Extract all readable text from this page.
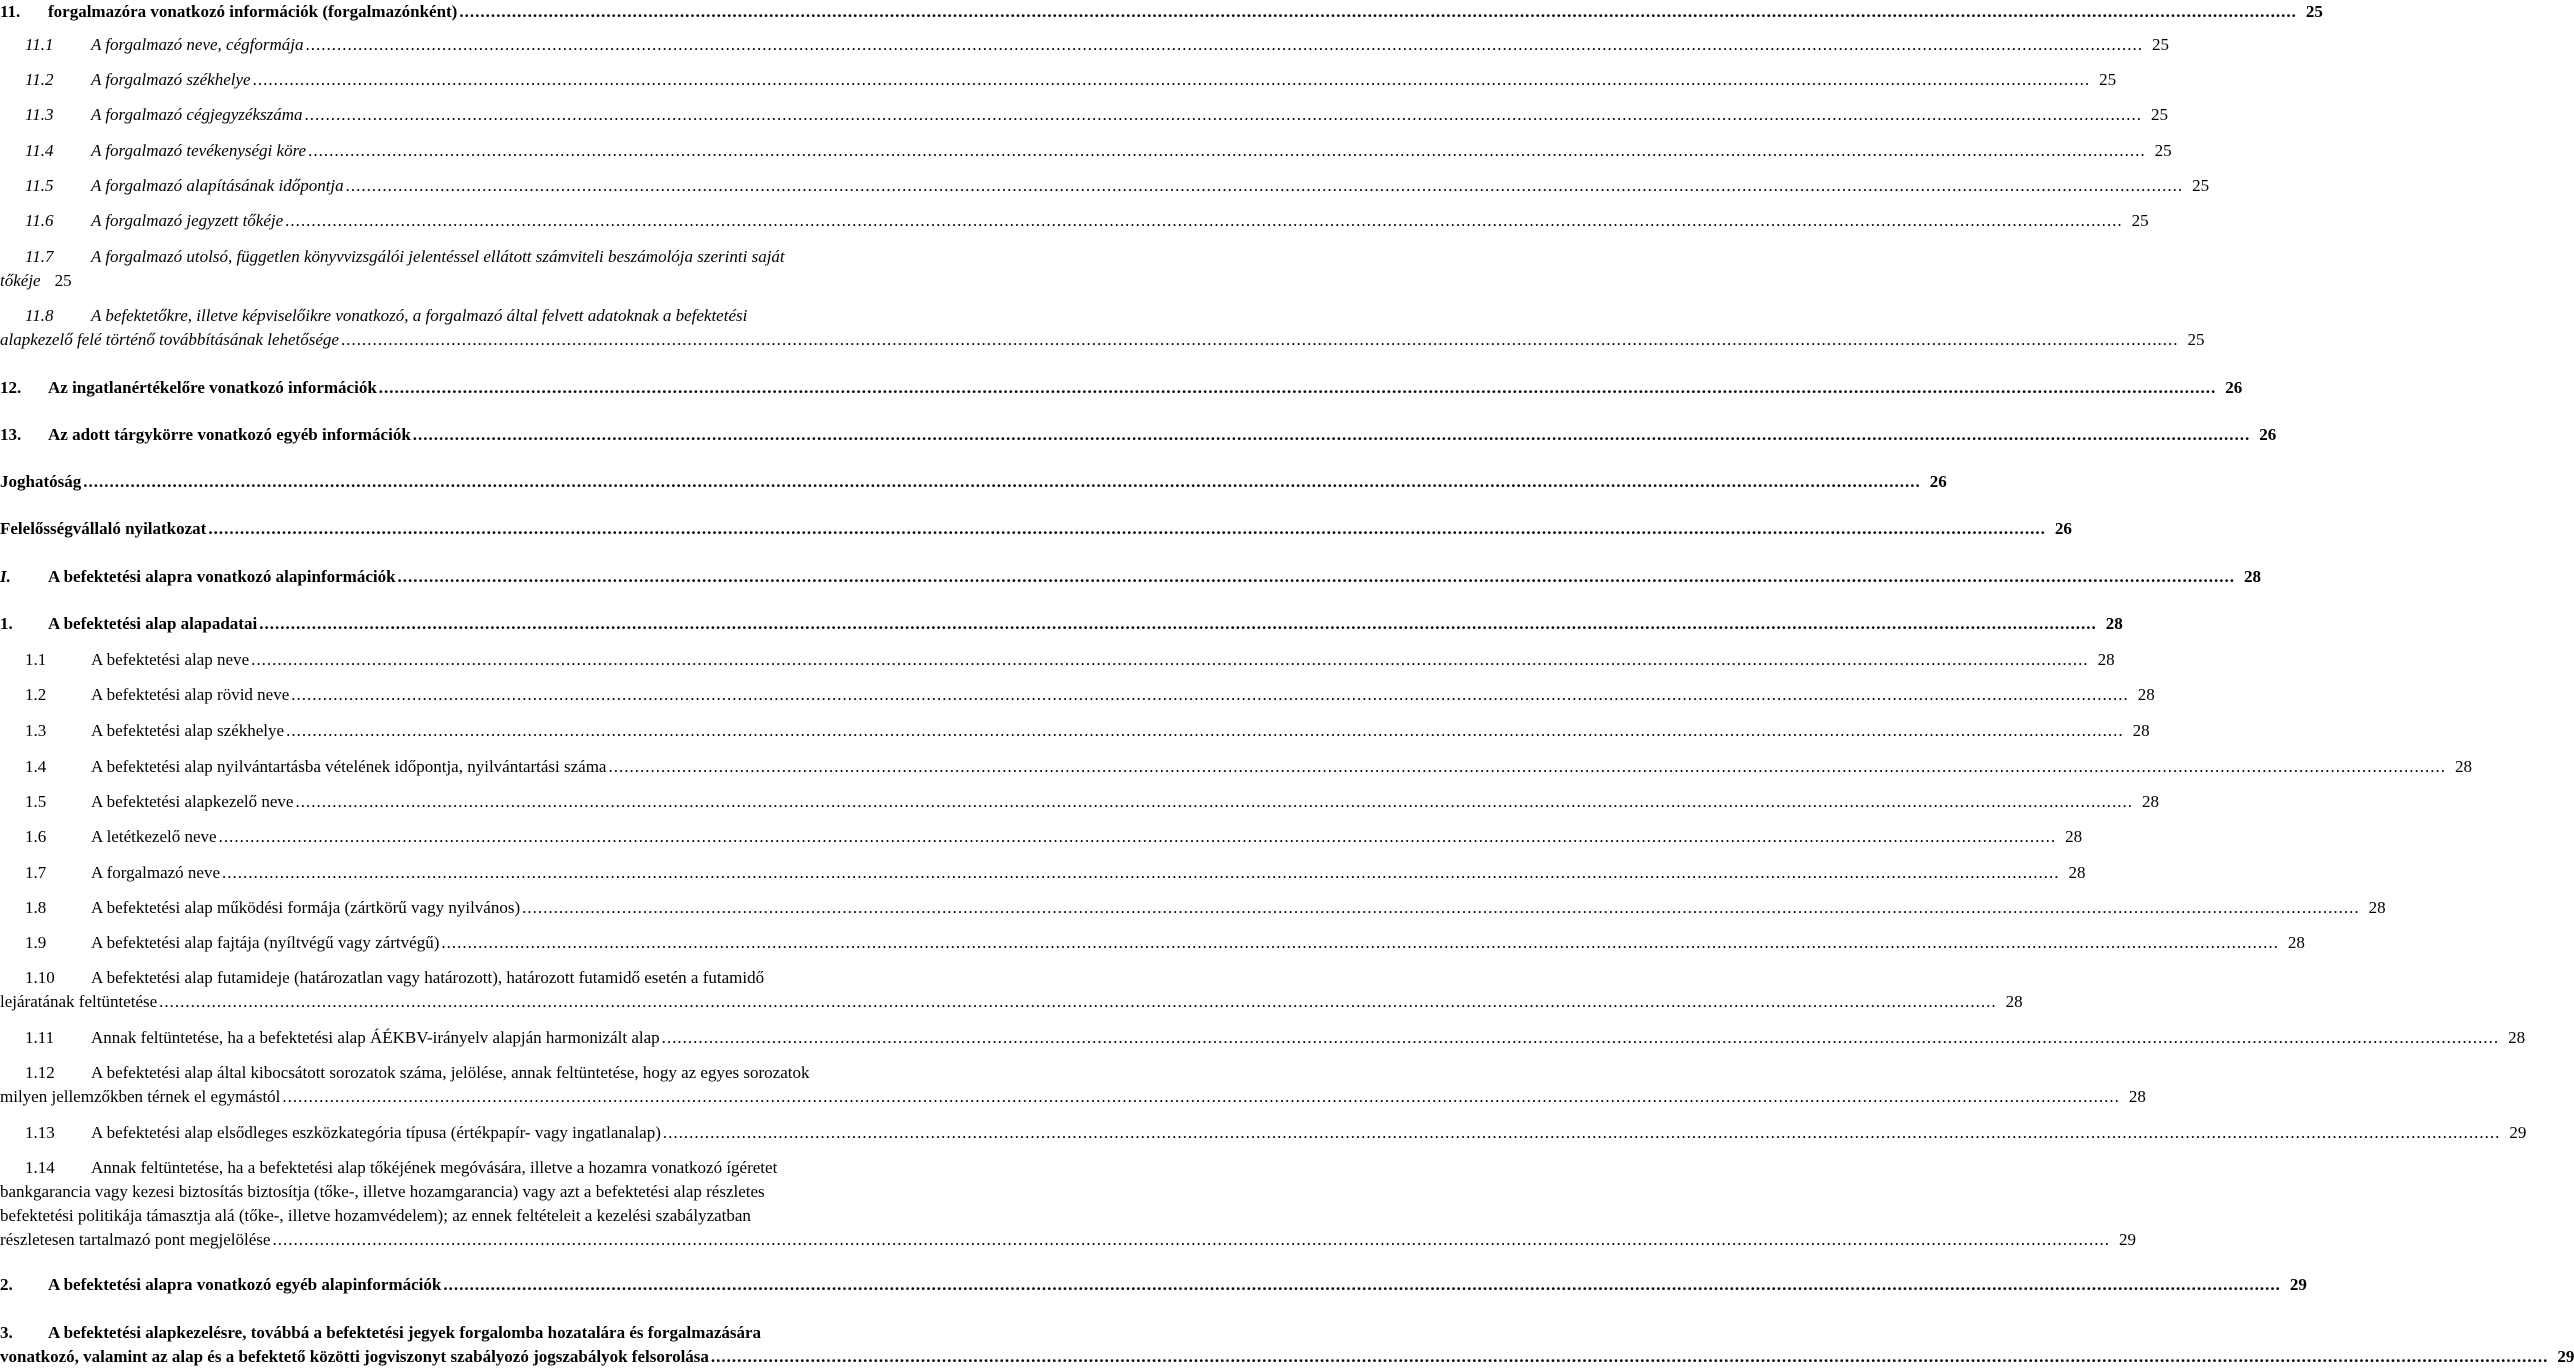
11.	forgalmazóra vonatkozó információk (forgalmazónként) .....	25
11.1	A forgalmazó neve, cégformája .....	25
11.2	A forgalmazó székhelye .....	25
11.3	A forgalmazó cégjegyzékszáma .....	25
11.4	A forgalmazó tevékenységi köre .....	25
11.5	A forgalmazó alapításának időpontja .....	25
11.6	A forgalmazó jegyzett tőkéje .....	25
11.7 A forgalmazó utolsó, független könyvvizsgálói jelentéssel ellátott számviteli beszámolója szerinti saját
tőkéje 25
11.8 A befektetőkre, illetve képviselőikre vonatkozó, a forgalmazó által felvett adatoknak a befektetési
alapkezelő felé történő továbbításának lehetősége .....	25
12.	Az ingatlanértékelőre vonatkozó információk .....	26
13.	Az adott tárgykörre vonatkozó egyéb információk .....	26
Joghatóság .....	26
Felelősségvállaló nyilatkozat .....	26
I.	A befektetési alapra vonatkozó alapinformációk .....	28
1.	A befektetési alap alapadatai .....	28
1.1	A befektetési alap neve .....	28
1.2	A befektetési alap rövid neve .....	28
1.3	A befektetési alap székhelye .....	28
1.4	A befektetési alap nyilvántartásba vételének időpontja, nyilvántartási száma .....	28
1.5	A befektetési alapkezelő neve .....	28
1.6	A letétkezelő neve .....	28
1.7	A forgalmazó neve .....	28
1.8	A befektetési alap működési formája (zártkörű vagy nyilvános) .....	28
1.9	A befektetési alap fajtája (nyíltvégű vagy zártvégű) .....	28
1.10 A befektetési alap futamideje (határozatlan vagy határozott), határozott futamidő esetén a futamidő
lejáratának feltüntetése .....	28
1.11	Annak feltüntetése, ha a befektetési alap ÁÉKBV-irányelv alapján harmonizált alap .....	28
1.12 A befektetési alap által kibocsátott sorozatok száma, jelölése, annak feltüntetése, hogy az egyes sorozatok
milyen jellemzőkben térnek el egymástól .....	28
1.13	A befektetési alap elsődleges eszközkategória típusa (értékpapír- vagy ingatlanalap) .....	29
1.14 Annak feltüntetése, ha a befektetési alap tőkéjének megóvására, illetve a hozamra vonatkozó ígéretet
bankgarancia vagy kezesi biztosítás biztosítja (tőke-, illetve hozamgarancia) vagy azt a befektetési alap részletes
befektetési politikája támasztja alá (tőke-, illetve hozamvédelem); az ennek feltételeit a kezelési szabályzatban
részletesen tartalmazó pont megjelölése .....	29
2.	A befektetési alapra vonatkozó egyéb alapinformációk .....	29
3. A befektetési alapkezelésre, továbbá a befektetési jegyek forgalomba hozatalára és forgalmazására
vonatkozó, valamint az alap és a befektető közötti jogviszonyt szabályozó jogszabályok felsorolása .....	29
